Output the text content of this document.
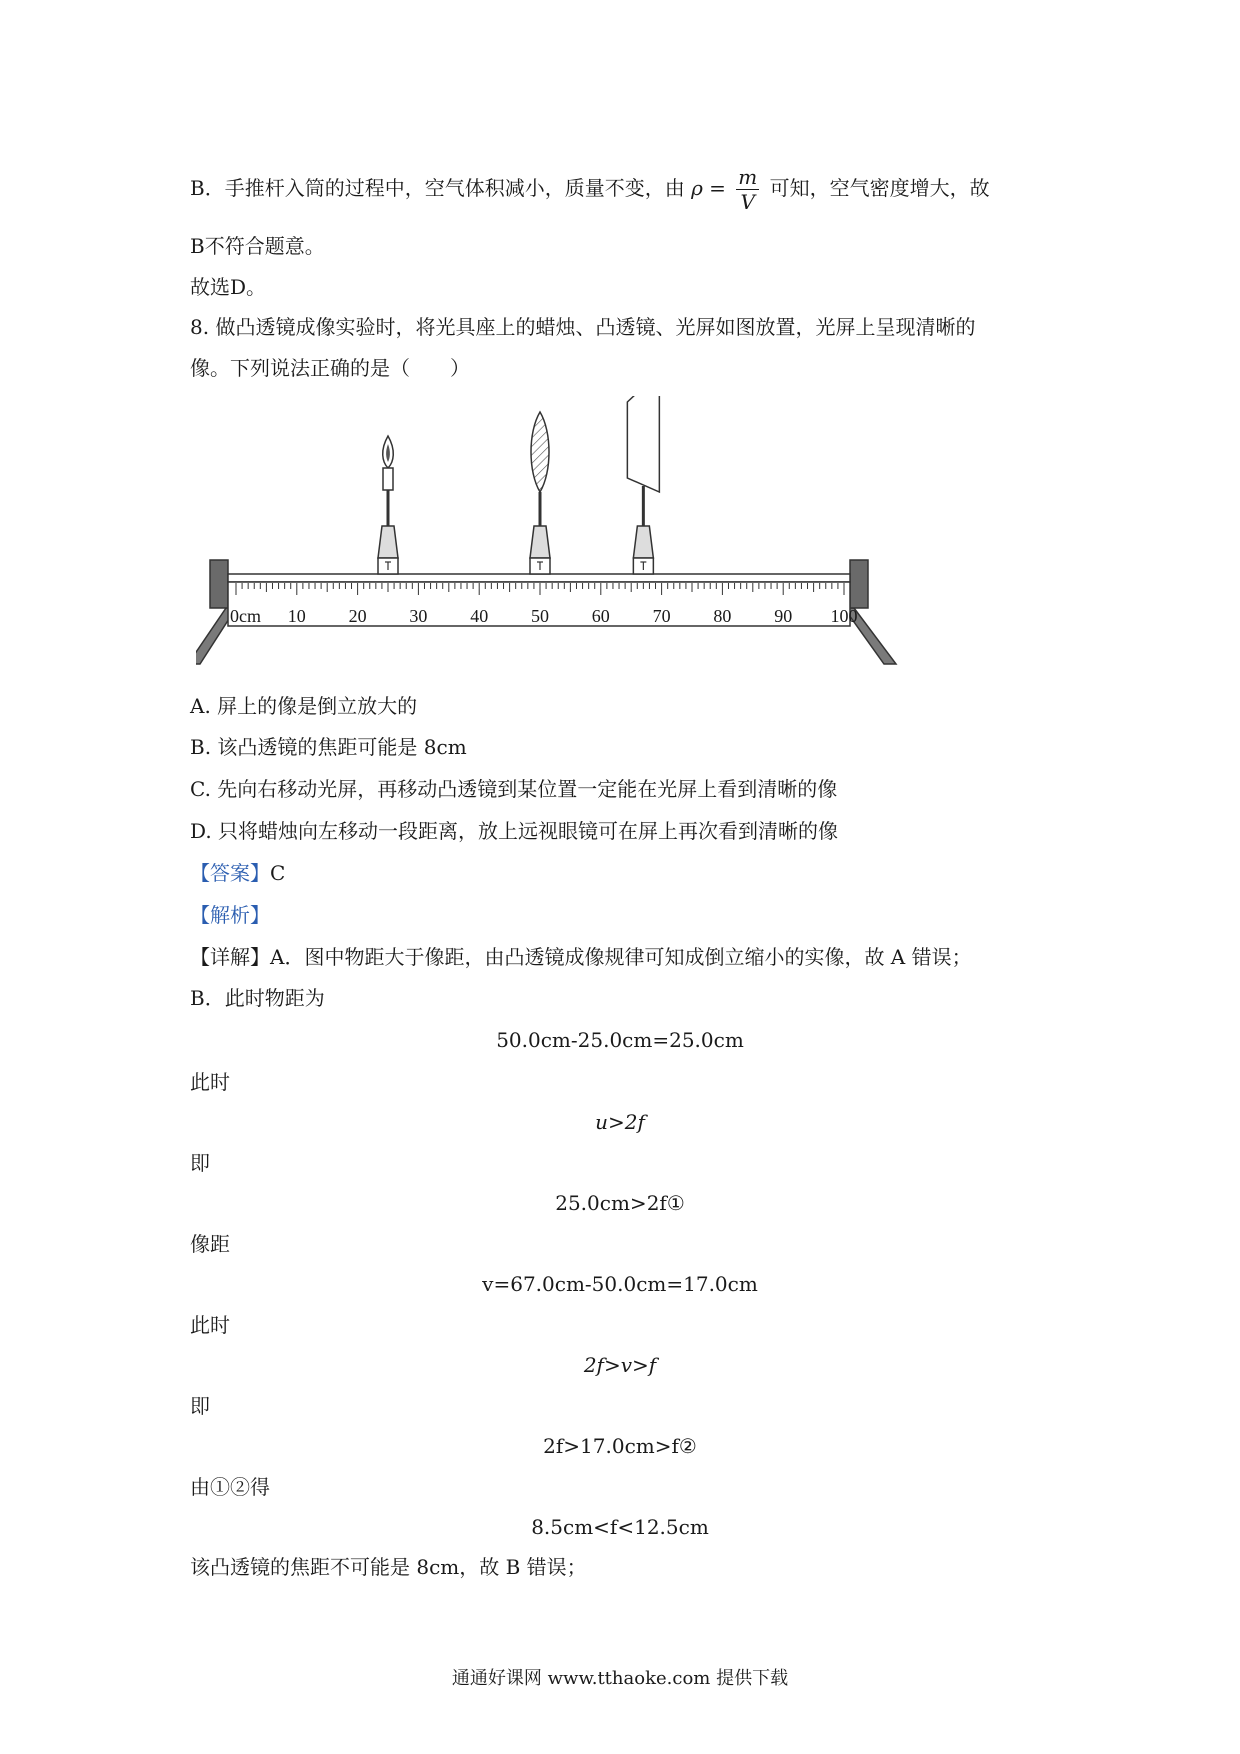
B．手推杆入筒的过程中，空气体积减小，质量不变，由 $\rho = \frac{m}{V}$ 可知，空气密度增大，故
B不符合题意。
故选D。
8. 做凸透镜成像实验时，将光具座上的蜡烛、凸透镜、光屏如图放置，光屏上呈现清晰的
像。下列说法正确的是（　　）
0cm 10 20 30 40 50 60 70 80 90 100
A. 屏上的像是倒立放大的
B. 该凸透镜的焦距可能是 8cm
C. 先向右移动光屏，再移动凸透镜到某位置一定能在光屏上看到清晰的像
D. 只将蜡烛向左移动一段距离，放上远视眼镜可在屏上再次看到清晰的像
【答案】C
【解析】
【详解】A．图中物距大于像距，由凸透镜成像规律可知成倒立缩小的实像，故 A 错误；
B．此时物距为
50.0cm-25.0cm=25.0cm
此时
u>2f
即
25.0cm>2f①
像距
v=67.0cm-50.0cm=17.0cm
此时
2f>v>f
即
2f>17.0cm>f②
由①②得
8.5cm<f<12.5cm
该凸透镜的焦距不可能是 8cm，故 B 错误；
通通好课网 www.tthaoke.com 提供下载
